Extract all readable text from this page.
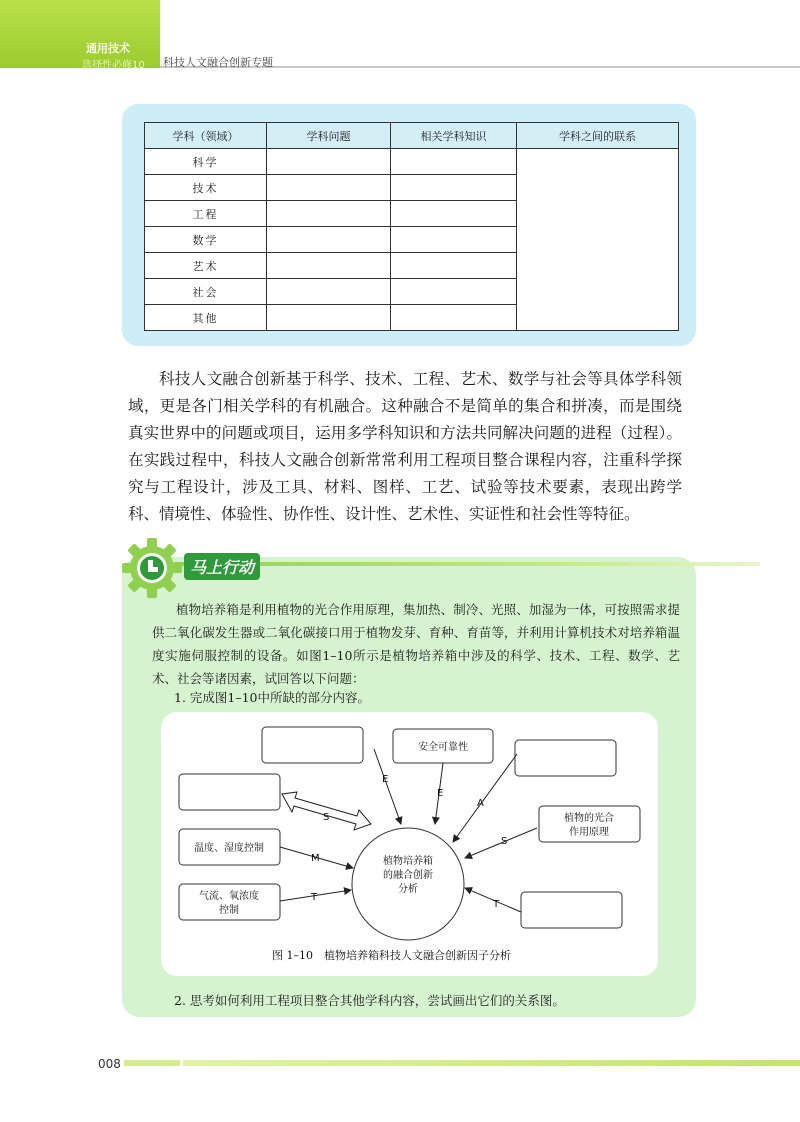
通用技术
选择性必修10 科技人文融合创新专题
学科（领域）	学科问题	相关学科知识	学科之间的联系
科学			
技术			
工程			
数学			
艺术			
社会			
其他			

科技人文融合创新基于科学、技术、工程、艺术、数学与社会等具体学科领域，更是各门相关学科的有机融合。这种融合不是简单的集合和拼凑，而是围绕真实世界中的问题或项目，运用多学科知识和方法共同解决问题的进程（过程）。在实践过程中，科技人文融合创新常常利用工程项目整合课程内容，注重科学探究与工程设计，涉及工具、材料、图样、工艺、试验等技术要素，表现出跨学科、情境性、体验性、协作性、设计性、艺术性、实证性和社会性等特征。

马上行动

植物培养箱是利用植物的光合作用原理，集加热、制冷、光照、加湿为一体，可按照需求提供二氧化碳发生器或二氧化碳接口用于植物发芽、育种、育苗等，并利用计算机技术对培养箱温度实施伺服控制的设备。如图1–10所示是植物培养箱中涉及的科学、技术、工程、数学、艺术、社会等诸因素，试回答以下问题：

1. 完成图1–10中所缺的部分内容。
植物培养箱
的融合创新
分析
安全可靠性
植物的光合
作用原理
温度、湿度控制
气流、氧浓度
控制
E
E
A
S
S
M
T
T
图 1–10　植物培养箱科技人文融合创新因子分析
2. 思考如何利用工程项目整合其他学科内容，尝试画出它们的关系图。
008
